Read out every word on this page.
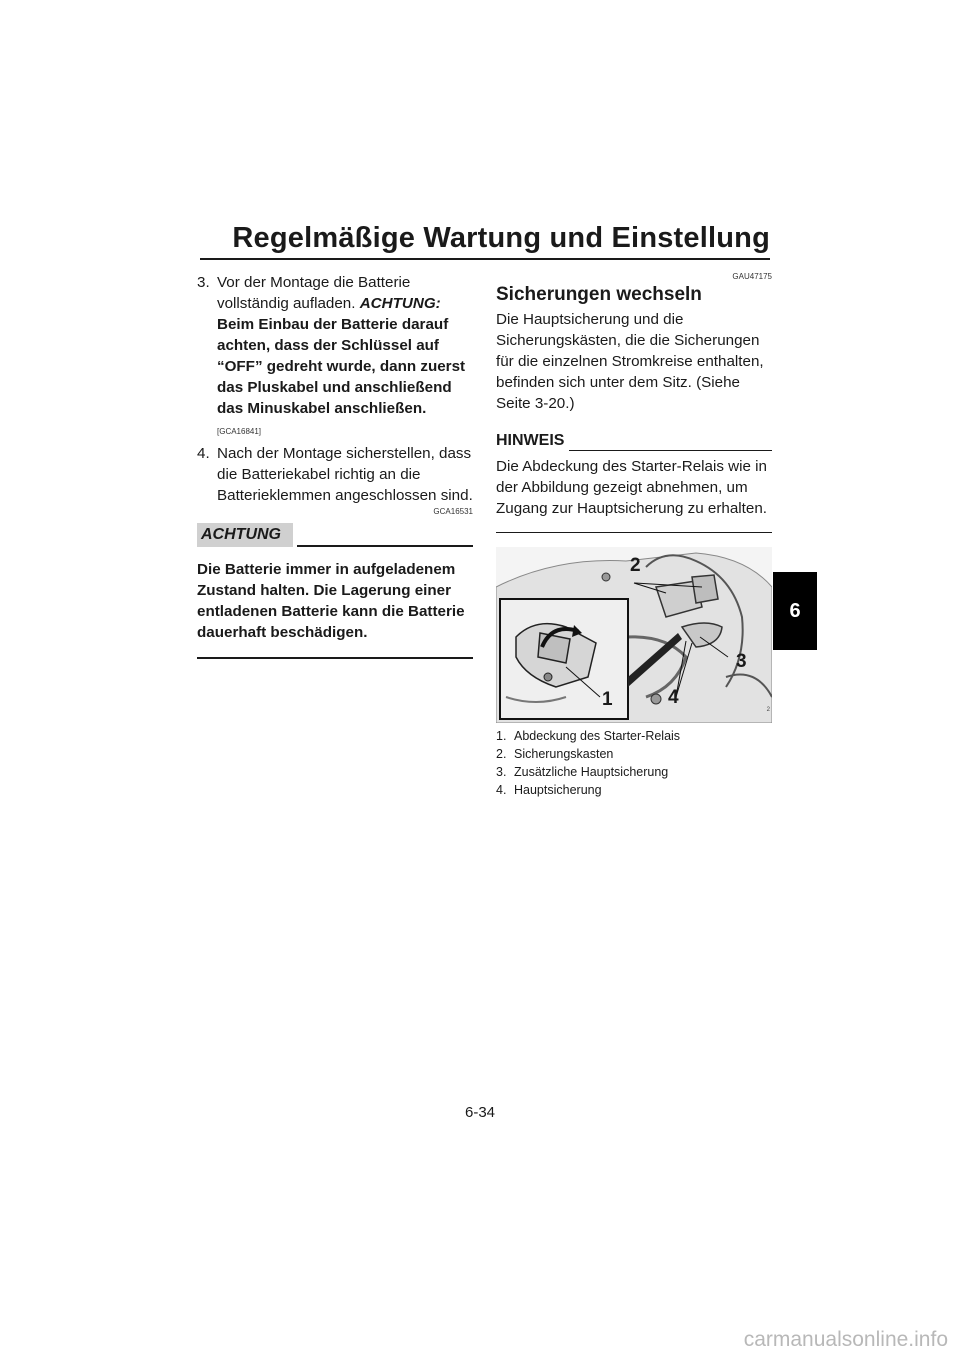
Regelmäßige Wartung und Einstellung
3. Vor der Montage die Batterie vollständig aufladen. ACHTUNG: Beim Einbau der Batterie darauf achten, dass der Schlüssel auf “OFF” gedreht wurde, dann zuerst das Pluskabel und anschließend das Minuskabel anschließen. [GCA16841]
4. Nach der Montage sicherstellen, dass die Batteriekabel richtig an die Batterieklemmen angeschlossen sind.
GCA16531
ACHTUNG
Die Batterie immer in aufgeladenem Zustand halten. Die Lagerung einer entladenen Batterie kann die Batterie dauerhaft beschädigen.
GAU47175
Sicherungen wechseln
Die Hauptsicherung und die Sicherungskästen, die die Sicherungen für die einzelnen Stromkreise enthalten, befinden sich unter dem Sitz. (Siehe Seite 3-20.)
HINWEIS
Die Abdeckung des Starter-Relais wie in der Abbildung gezeigt abnehmen, um Zugang zur Hauptsicherung zu erhalten.
2
3
1	4
2
1. Abdeckung des Starter-Relais
2. Sicherungskasten
3. Zusätzliche Hauptsicherung
4. Hauptsicherung
6
6-34
carmanualsonline.info
